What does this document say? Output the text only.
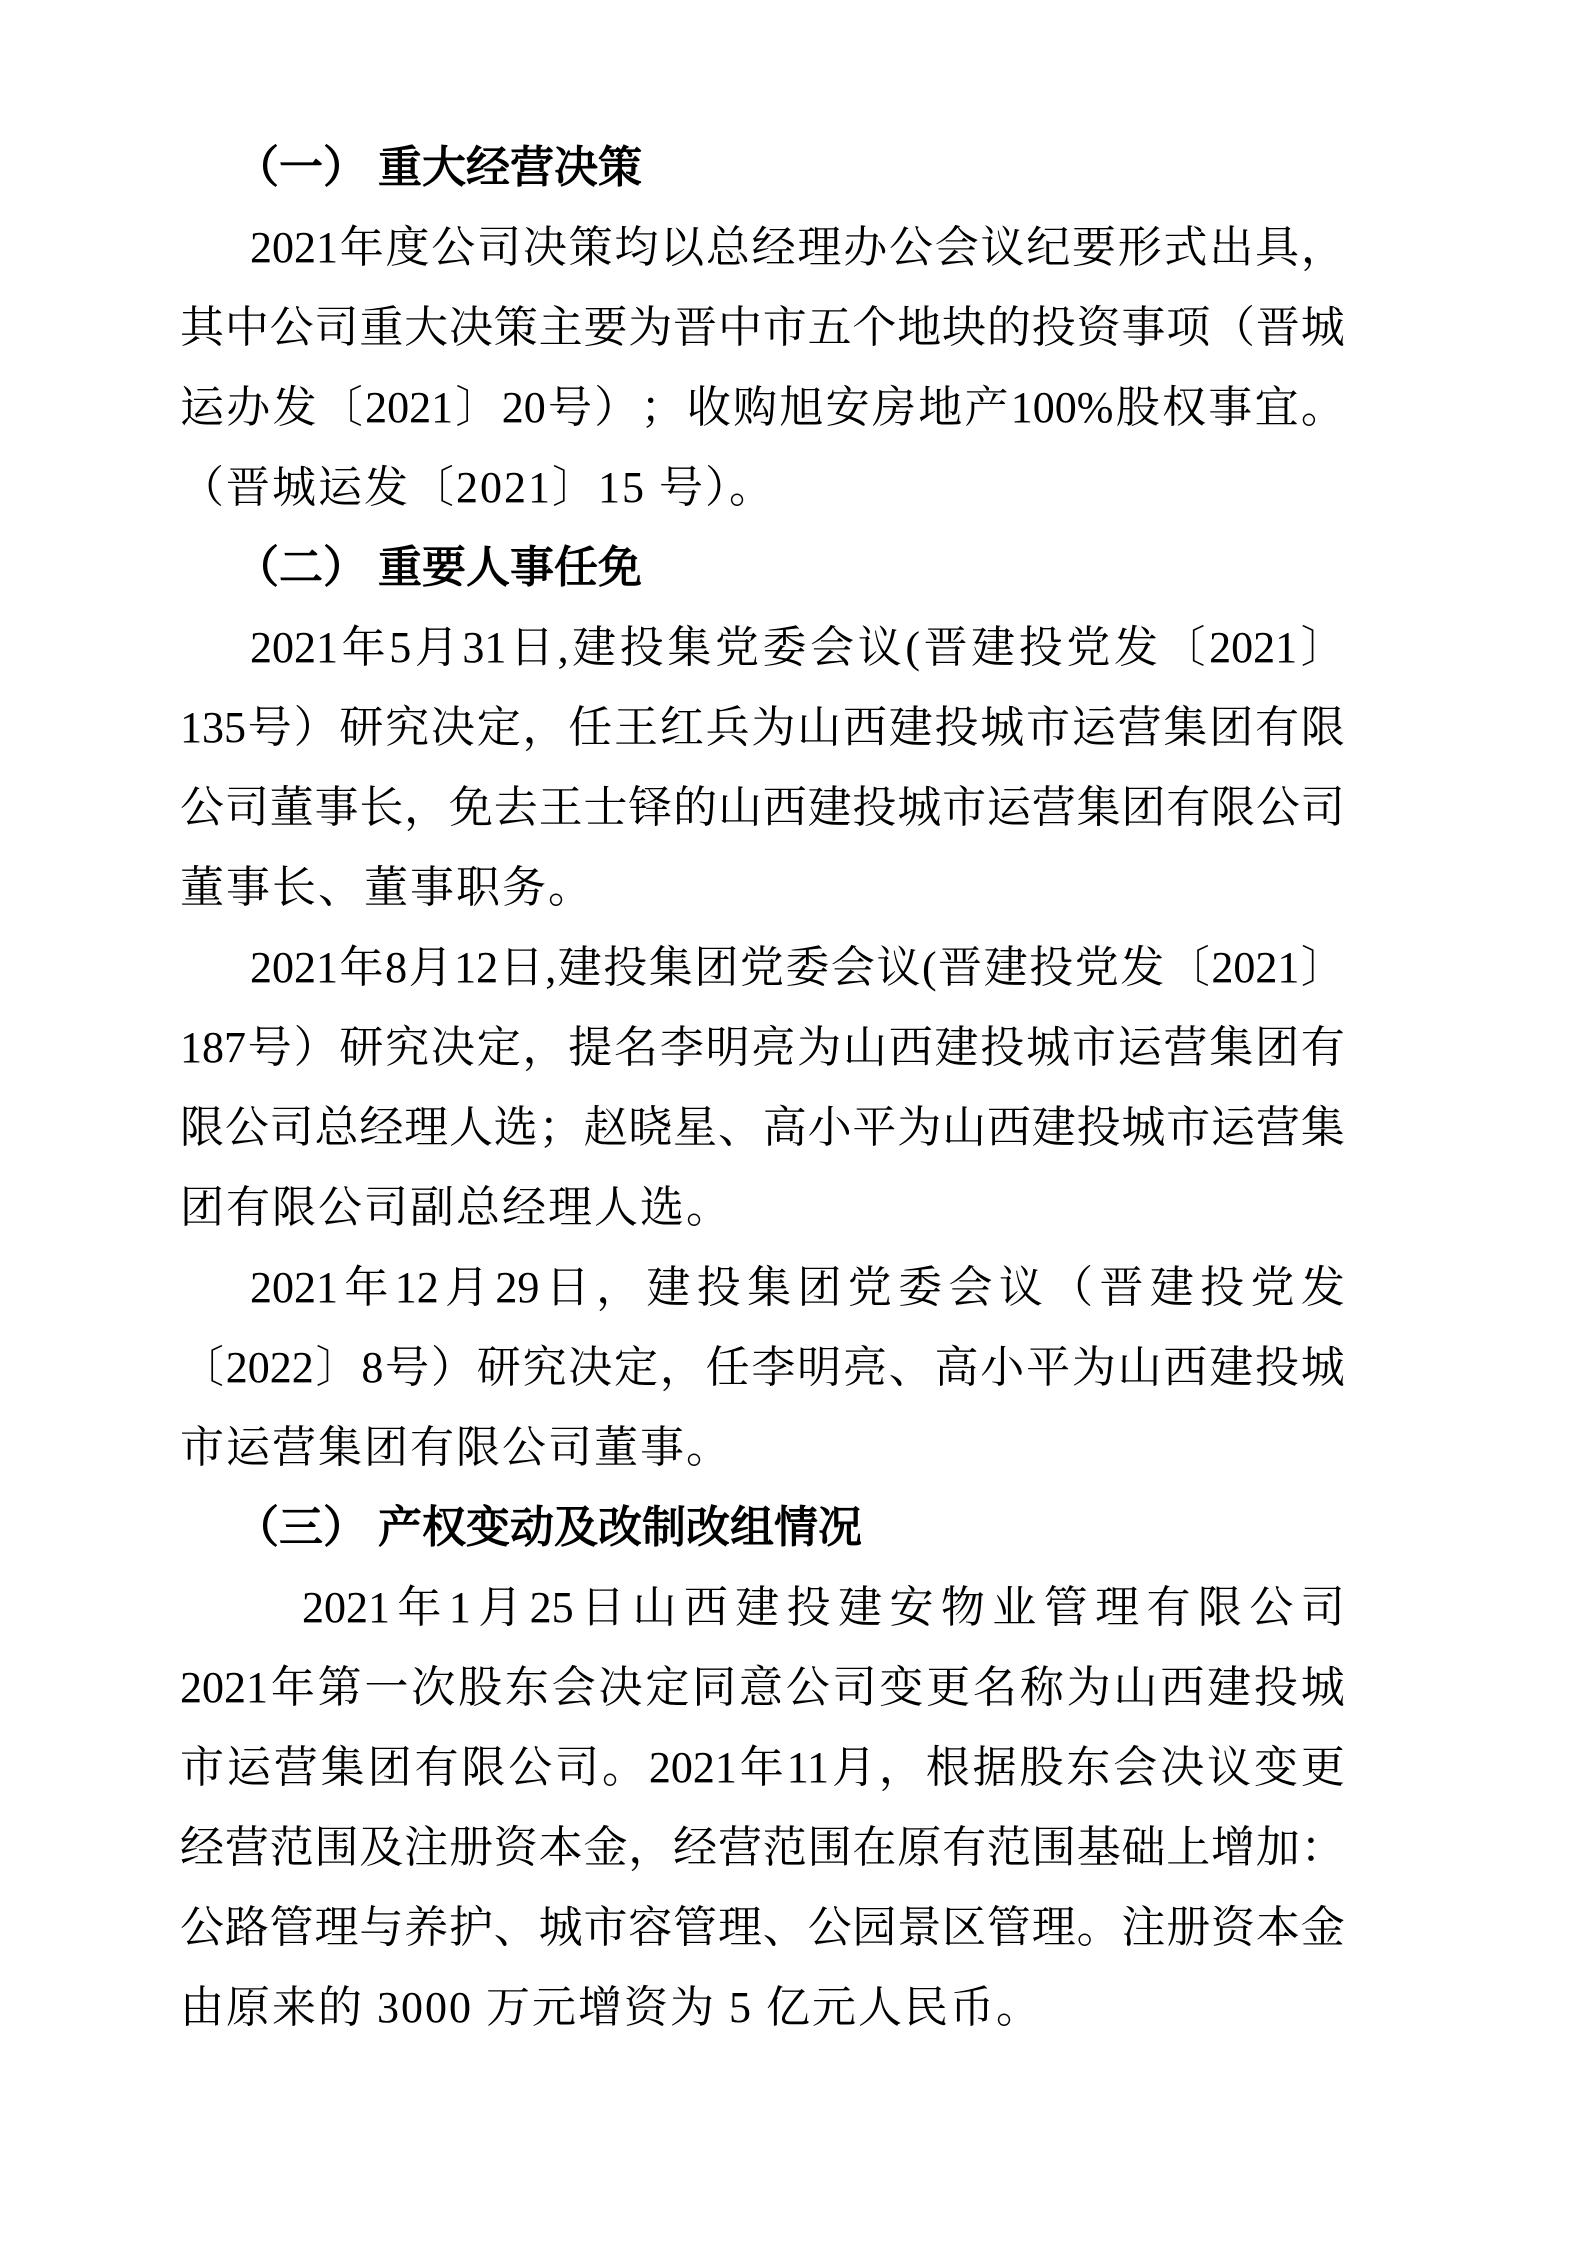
（一） 重大经营决策
2021 年 度 公 司 决 策 均 以 总 经 理 办 公 会 议 纪 要 形 式 出 具 ，
其 中 公 司 重 大 决 策 主 要 为 晋 中 市 五 个 地 块 的 投 资 事 项 （ 晋 城
运 办 发 〔 2021 〕 20 号 ） ； 收 购 旭 安 房 地 产 100% 股 权 事 宜 。
（晋城运发〔2021〕15 号）。
（二） 重要人事任免
2021 年 5 月 31 日 , 建 投 集 党 委 会 议 ( 晋 建 投 党 发 〔 2021 〕
135 号 ） 研 究 决 定 ， 任 王 红 兵 为 山 西 建 投 城 市 运 营 集 团 有 限
公 司 董 事 长 ， 免 去 王 士 铎 的 山 西 建 投 城 市 运 营 集 团 有 限 公 司
董事长、董事职务。
2021 年 8 月 12 日 , 建 投 集 团 党 委 会 议 ( 晋 建 投 党 发 〔 2021 〕
187 号 ） 研 究 决 定 ， 提 名 李 明 亮 为 山 西 建 投 城 市 运 营 集 团 有
限 公 司 总 经 理 人 选 ； 赵 晓 星 、 高 小 平 为 山 西 建 投 城 市 运 营 集
团有限公司副总经理人选。
2021 年 12 月 29 日 ， 建 投 集 团 党 委 会 议 （ 晋 建 投 党 发
〔 2022 〕 8 号 ） 研 究 决 定 ， 任 李 明 亮 、 高 小 平 为 山 西 建 投 城
市运营集团有限公司董事。
（三） 产权变动及改制改组情况
2021 年 1 月 25 日 山 西 建 投 建 安 物 业 管 理 有 限 公 司
2021 年 第 一 次 股 东 会 决 定 同 意 公 司 变 更 名 称 为 山 西 建 投 城
市 运 营 集 团 有 限 公 司 。 2021 年 11 月 ， 根 据 股 东 会 决 议 变 更
经 营 范 围 及 注 册 资 本 金 ， 经 营 范 围 在 原 有 范 围 基 础 上 增 加 ：
公 路 管 理 与 养 护 、 城 市 容 管 理 、 公 园 景 区 管 理 。 注 册 资 本 金
由原来的 3000 万元增资为 5 亿元人民币。
